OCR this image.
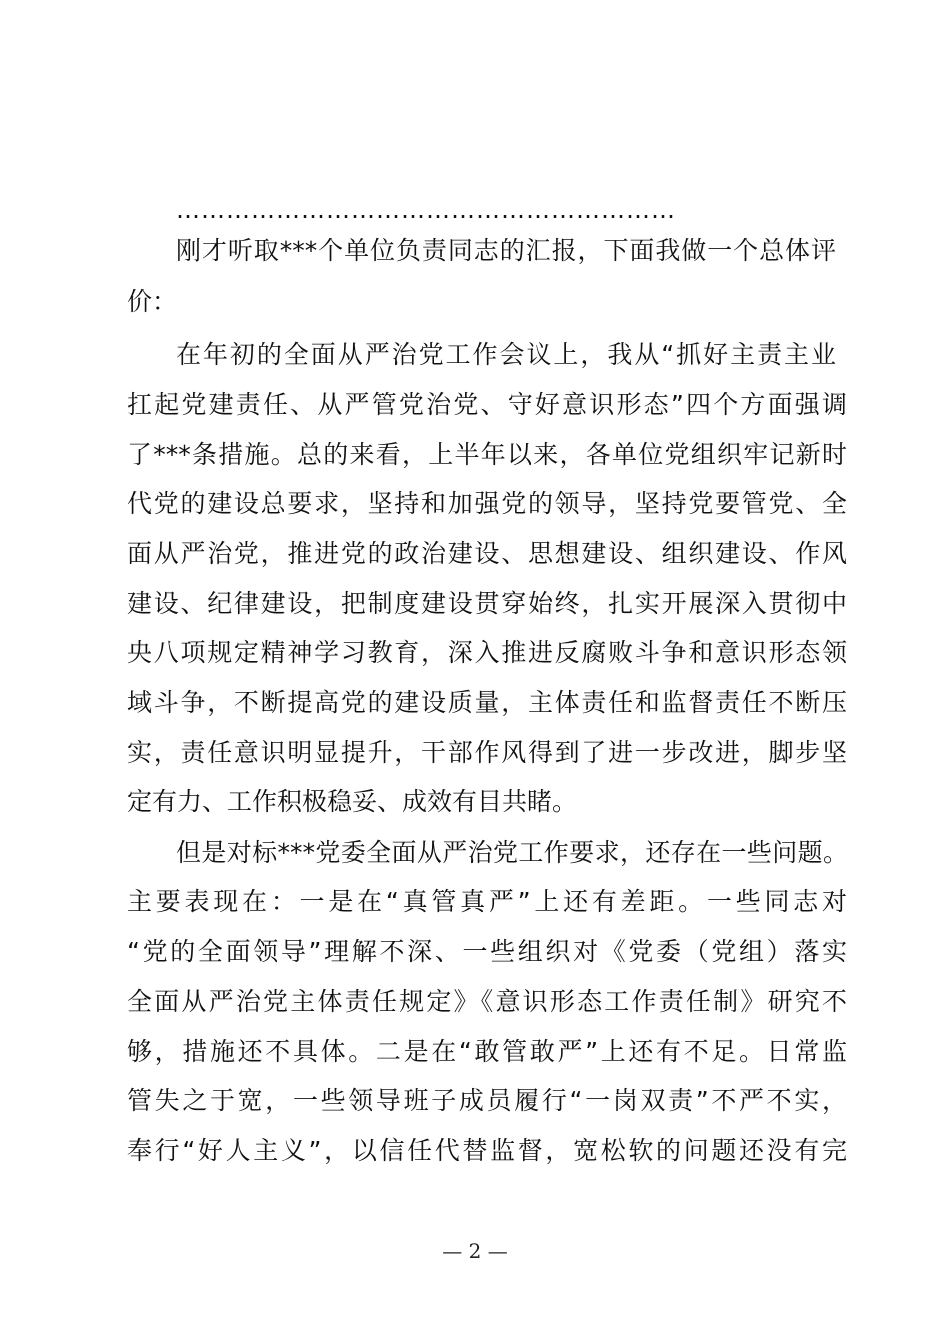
……………………………………………………
刚才听取***个单位负责同志的汇报，下面我做一个总体评
价：
在年初的全面从严治党工作会议上，我从“抓好主责主业
扛起党建责任、从严管党治党、守好意识形态”四个方面强调
了***条措施。总的来看，上半年以来，各单位党组织牢记新时
代党的建设总要求，坚持和加强党的领导，坚持党要管党、全
面从严治党，推进党的政治建设、思想建设、组织建设、作风
建设、纪律建设，把制度建设贯穿始终，扎实开展深入贯彻中
央八项规定精神学习教育，深入推进反腐败斗争和意识形态领
域斗争，不断提高党的建设质量，主体责任和监督责任不断压
实，责任意识明显提升，干部作风得到了进一步改进，脚步坚
定有力、工作积极稳妥、成效有目共睹。
但是对标***党委全面从严治党工作要求，还存在一些问题。
主要表现在：一是在“真管真严”上还有差距。一些同志对
“党的全面领导”理解不深、一些组织对《党委（党组）落实
全面从严治党主体责任规定》《意识形态工作责任制》研究不
够，措施还不具体。二是在“敢管敢严”上还有不足。日常监
管失之于宽，一些领导班子成员履行“一岗双责”不严不实，
奉行“好人主义”，以信任代替监督，宽松软的问题还没有完
— 2 —
